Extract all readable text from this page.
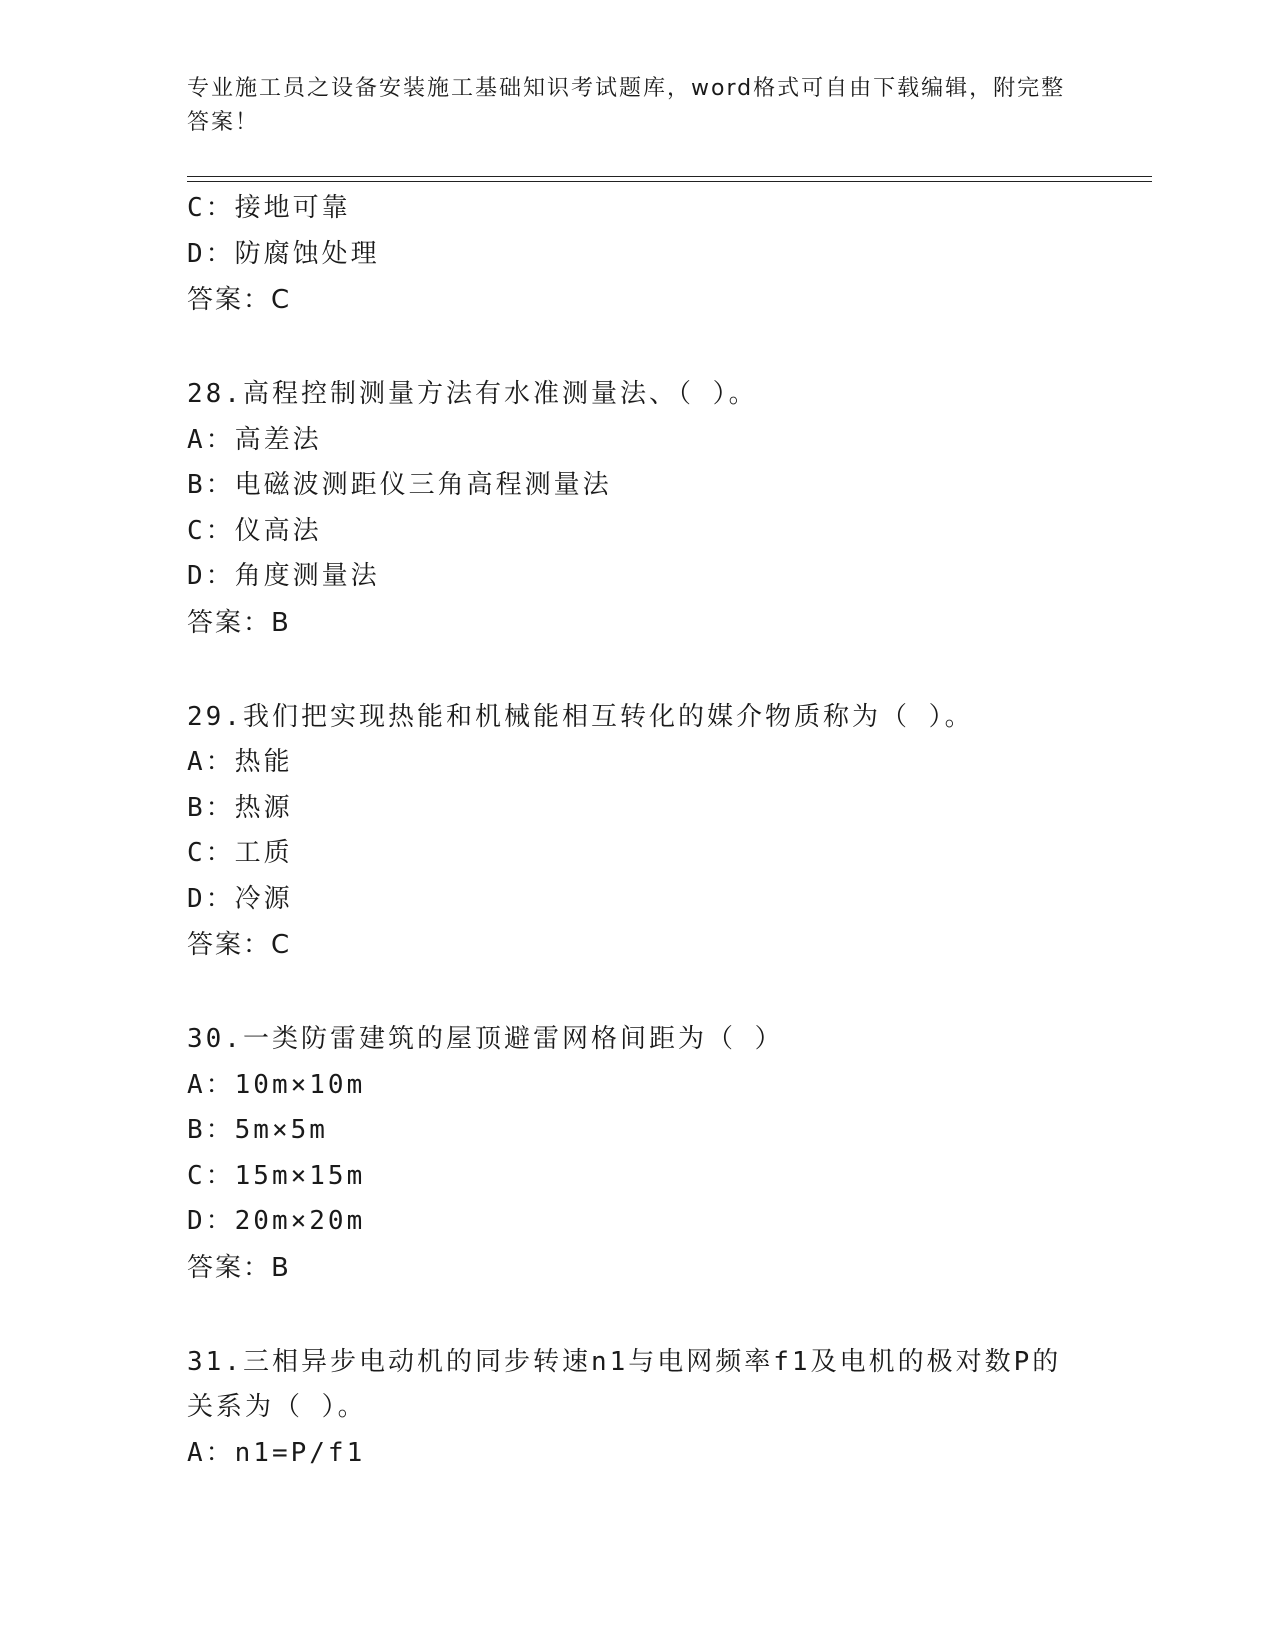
专业施工员之设备安装施工基础知识考试题库，word格式可自由下载编辑，附完整答案！
C：接地可靠
D：防腐蚀处理
答案：C
28.高程控制测量方法有水准测量法、（ ）。
A：高差法
B：电磁波测距仪三角高程测量法
C：仪高法
D：角度测量法
答案：B
29.我们把实现热能和机械能相互转化的媒介物质称为（ ）。
A：热能
B：热源
C：工质
D：冷源
答案：C
30.一类防雷建筑的屋顶避雷网格间距为（ ）
A：10m×10m
B：5m×5m
C：15m×15m
D：20m×20m
答案：B
31.三相异步电动机的同步转速n1与电网频率f1及电机的极对数P的关系为（ ）。
A：n1=P/f1
